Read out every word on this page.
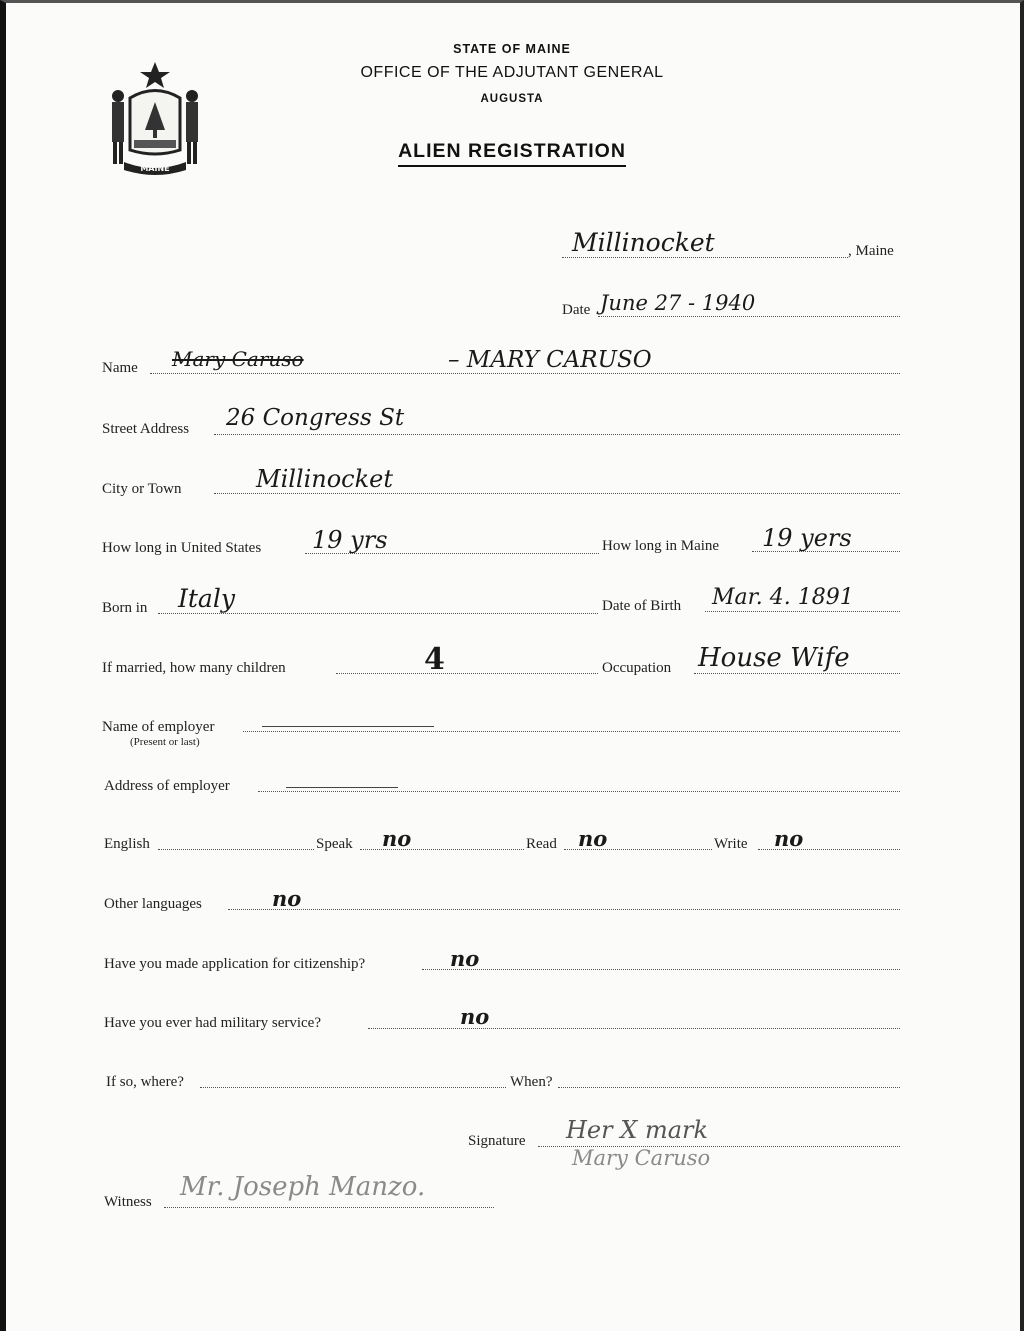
MAINE
STATE OF MAINE
OFFICE OF THE ADJUTANT GENERAL
AUGUSTA
ALIEN REGISTRATION
Millinocket	, Maine
Date June 27 - 1940
Name Mary Caruso	– MARY CARUSO
Street Address 26 Congress St
City or Town	Millinocket
How long in United States 19 yrs	How long in Maine 19 yers
Born in Italy	Date of Birth Mar. 4. 1891
If married, how many children	4	Occupation House Wife
Name of employer
(Present or last)
Address of employer
English	Speak no	Read no	Write no
Other languages	no
Have you made application for citizenship?	no
Have you ever had military service?	no
If so, where?	When?
Signature Her X mark
Mary Caruso
Witness Mr. Joseph Manzo.
